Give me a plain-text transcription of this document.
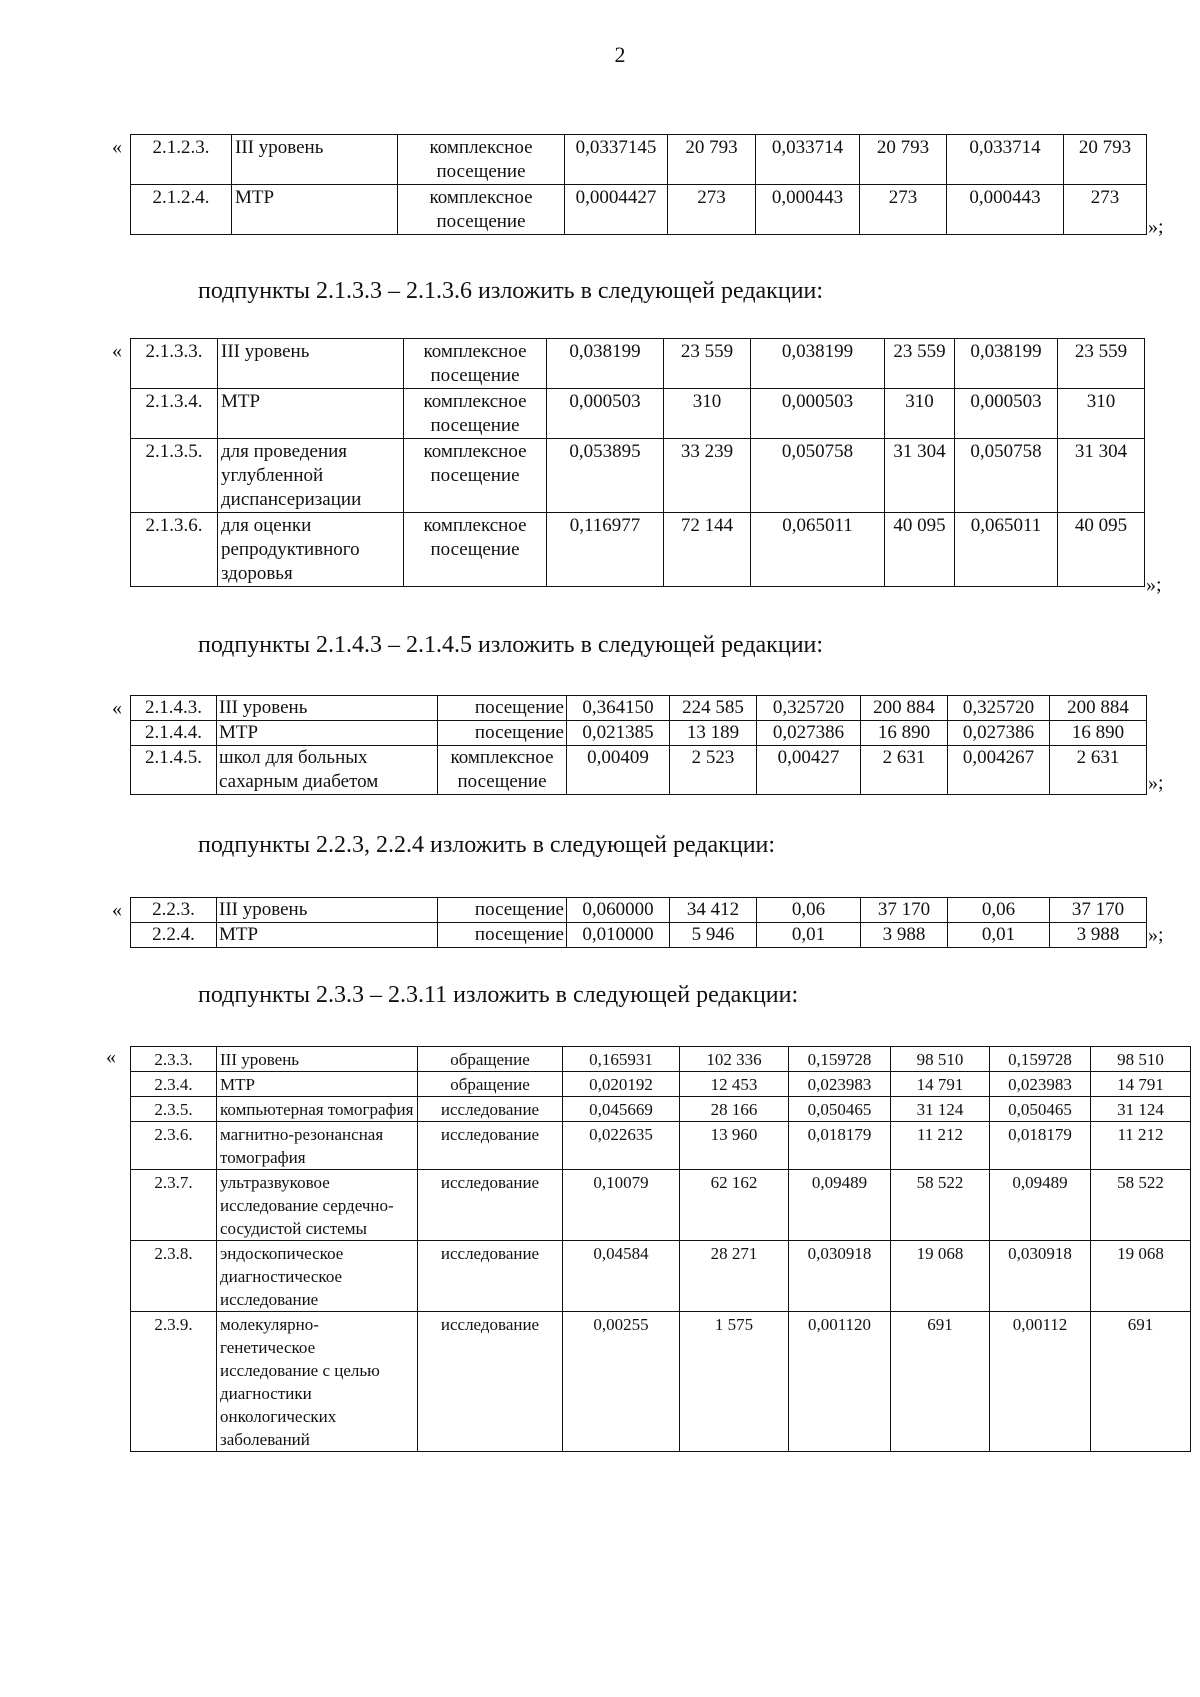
2
« 2.1.2.3.	III уровень	комплексное посещение	0,0337145	20 793	0,033714	20 793	0,033714	20 793
2.1.2.4.	МТР	комплексное посещение	0,0004427	273	0,000443	273	0,000443	273
»;
подпункты 2.1.3.3 – 2.1.3.6 изложить в следующей редакции:
« 2.1.3.3.	III уровень	комплексное посещение	0,038199	23 559	0,038199	23 559	0,038199	23 559
2.1.3.4.	МТР	комплексное посещение	0,000503	310	0,000503	310	0,000503	310
2.1.3.5.	для проведения углубленной диспансеризации	комплексное посещение	0,053895	33 239	0,050758	31 304	0,050758	31 304
2.1.3.6.	для оценки репродуктивного здоровья	комплексное посещение	0,116977	72 144	0,065011	40 095	0,065011	40 095
»;
подпункты 2.1.4.3 – 2.1.4.5 изложить в следующей редакции:
« 2.1.4.3.	III уровень	посещение	0,364150	224 585	0,325720	200 884	0,325720	200 884
2.1.4.4.	МТР	посещение	0,021385	13 189	0,027386	16 890	0,027386	16 890
2.1.4.5.	школ для больных сахарным диабетом	комплексное посещение	0,00409	2 523	0,00427	2 631	0,004267	2 631
»;
подпункты 2.2.3, 2.2.4 изложить в следующей редакции:
« 2.2.3.	III уровень	посещение	0,060000	34 412	0,06	37 170	0,06	37 170
2.2.4.	МТР	посещение	0,010000	5 946	0,01	3 988	0,01	3 988 »;
подпункты 2.3.3 – 2.3.11 изложить в следующей редакции:
« 2.3.3.	III уровень	обращение	0,165931	102 336	0,159728	98 510	0,159728	98 510
2.3.4.	МТР	обращение	0,020192	12 453	0,023983	14 791	0,023983	14 791
2.3.5.	компьютерная томография	исследование	0,045669	28 166	0,050465	31 124	0,050465	31 124
2.3.6.	магнитно-резонансная томография	исследование	0,022635	13 960	0,018179	11 212	0,018179	11 212
2.3.7.	ультразвуковое исследование сердечно-сосудистой системы	исследование	0,10079	62 162	0,09489	58 522	0,09489	58 522
2.3.8.	эндоскопическое диагностическое исследование	исследование	0,04584	28 271	0,030918	19 068	0,030918	19 068
2.3.9.	молекулярно-генетическое исследование с целью диагностики онкологических заболеваний	исследование	0,00255	1 575	0,001120	691	0,00112	691
